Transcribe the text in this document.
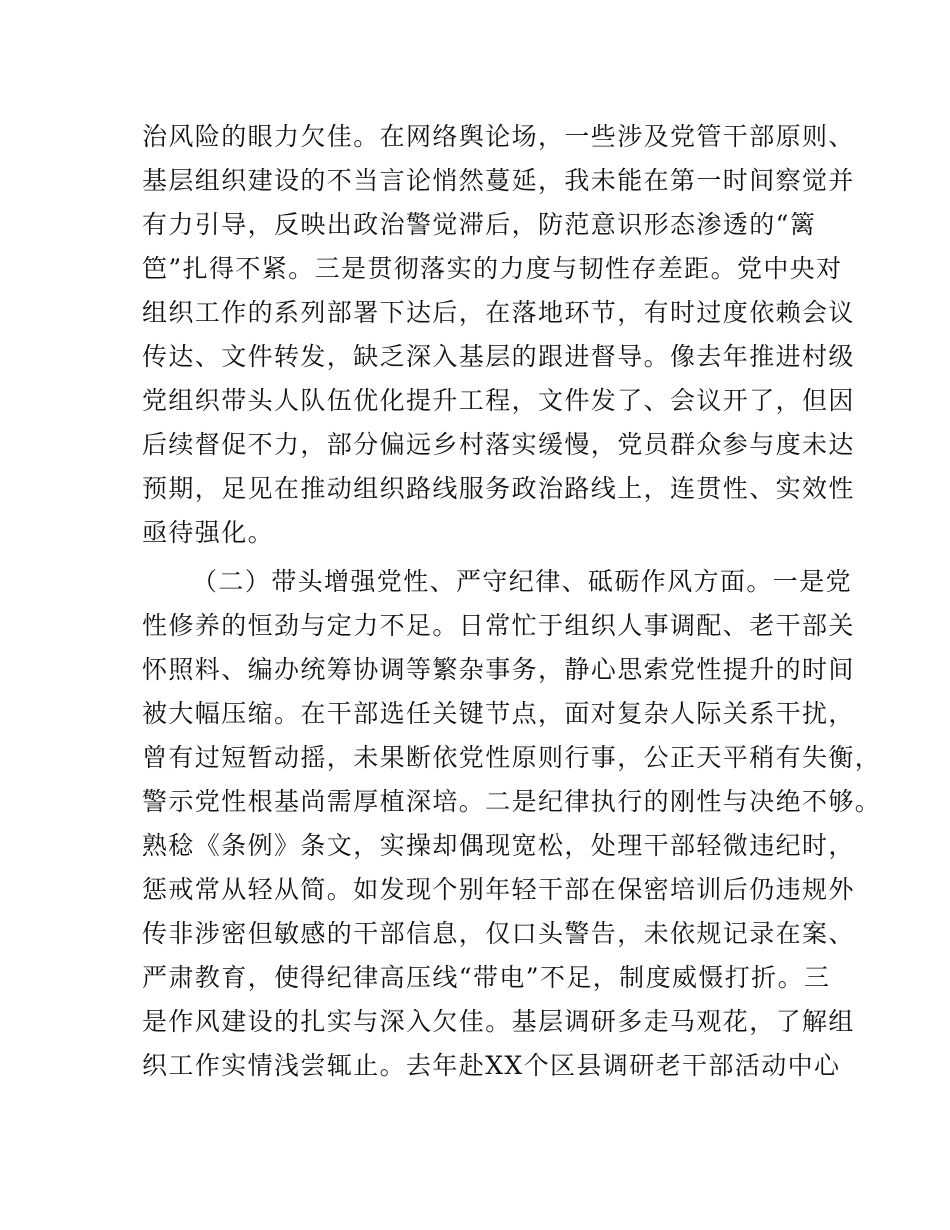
治风险的眼力欠佳。在网络舆论场，一些涉及党管干部原则、
基层组织建设的不当言论悄然蔓延，我未能在第一时间察觉并
有力引导，反映出政治警觉滞后，防范意识形态渗透的“篱
笆”扎得不紧。三是贯彻落实的力度与韧性存差距。党中央对
组织工作的系列部署下达后，在落地环节，有时过度依赖会议
传达、文件转发，缺乏深入基层的跟进督导。像去年推进村级
党组织带头人队伍优化提升工程，文件发了、会议开了，但因
后续督促不力，部分偏远乡村落实缓慢，党员群众参与度未达
预期，足见在推动组织路线服务政治路线上，连贯性、实效性
亟待强化。
（二）带头增强党性、严守纪律、砥砺作风方面。一是党
性修养的恒劲与定力不足。日常忙于组织人事调配、老干部关
怀照料、编办统筹协调等繁杂事务，静心思索党性提升的时间
被大幅压缩。在干部选任关键节点，面对复杂人际关系干扰，
曾有过短暂动摇，未果断依党性原则行事，公正天平稍有失衡，
警示党性根基尚需厚植深培。二是纪律执行的刚性与决绝不够。
熟稔《条例》条文，实操却偶现宽松，处理干部轻微违纪时，
惩戒常从轻从简。如发现个别年轻干部在保密培训后仍违规外
传非涉密但敏感的干部信息，仅口头警告，未依规记录在案、
严肃教育，使得纪律高压线“带电”不足，制度威慑打折。三
是作风建设的扎实与深入欠佳。基层调研多走马观花，了解组
织工作实情浅尝辄止。去年赴XX个区县调研老干部活动中心
